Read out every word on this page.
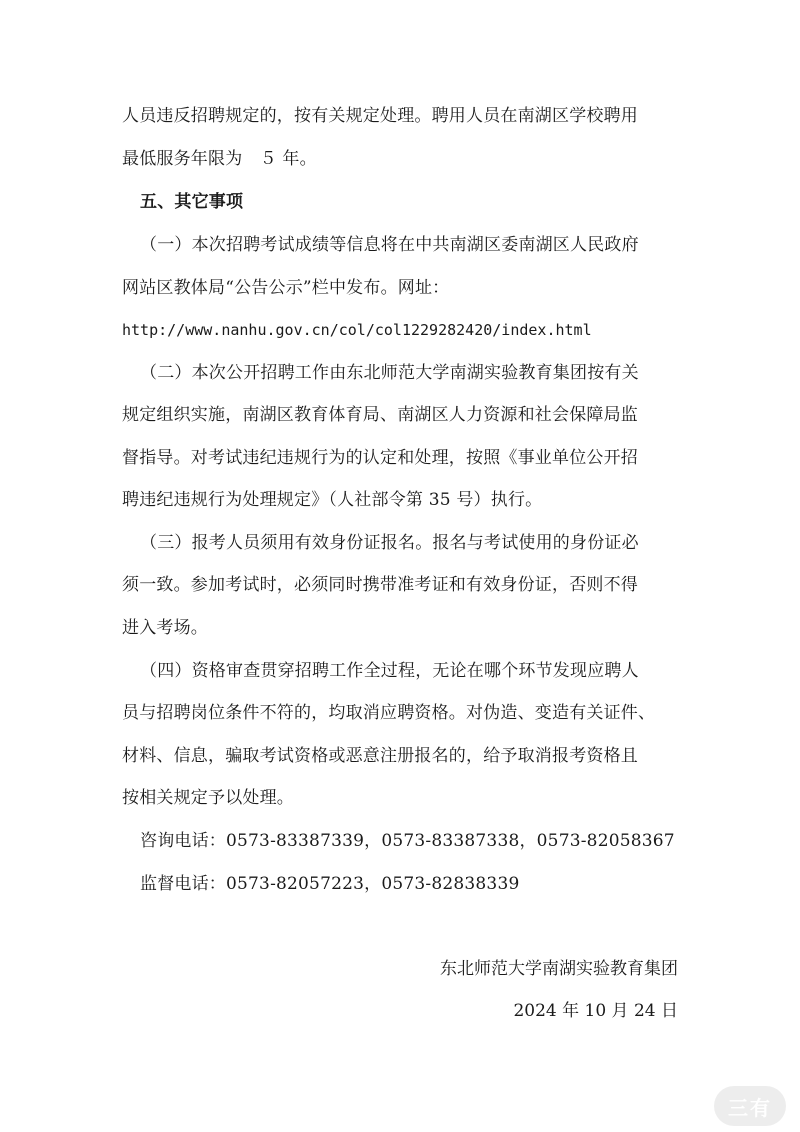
人员违反招聘规定的，按有关规定处理。聘用人员在南湖区学校聘用
最低服务年限为　５ 年。
五、其它事项
（一）本次招聘考试成绩等信息将在中共南湖区委南湖区人民政府
网站区教体局“公告公示”栏中发布。网址：
http://www.nanhu.gov.cn/col/col1229282420/index.html
（二）本次公开招聘工作由东北师范大学南湖实验教育集团按有关
规定组织实施，南湖区教育体育局、南湖区人力资源和社会保障局监
督指导。对考试违纪违规行为的认定和处理，按照《事业单位公开招
聘违纪违规行为处理规定》（人社部令第 35 号）执行。
（三）报考人员须用有效身份证报名。报名与考试使用的身份证必
须一致。参加考试时，必须同时携带准考证和有效身份证，否则不得
进入考场。
（四）资格审查贯穿招聘工作全过程，无论在哪个环节发现应聘人
员与招聘岗位条件不符的，均取消应聘资格。对伪造、变造有关证件、
材料、信息，骗取考试资格或恶意注册报名的，给予取消报考资格且
按相关规定予以处理。
咨询电话：0573-83387339，0573-83387338，0573-82058367
监督电话：0573-82057223，0573-82838339
东北师范大学南湖实验教育集团
2024 年 10 月 24 日
三有
